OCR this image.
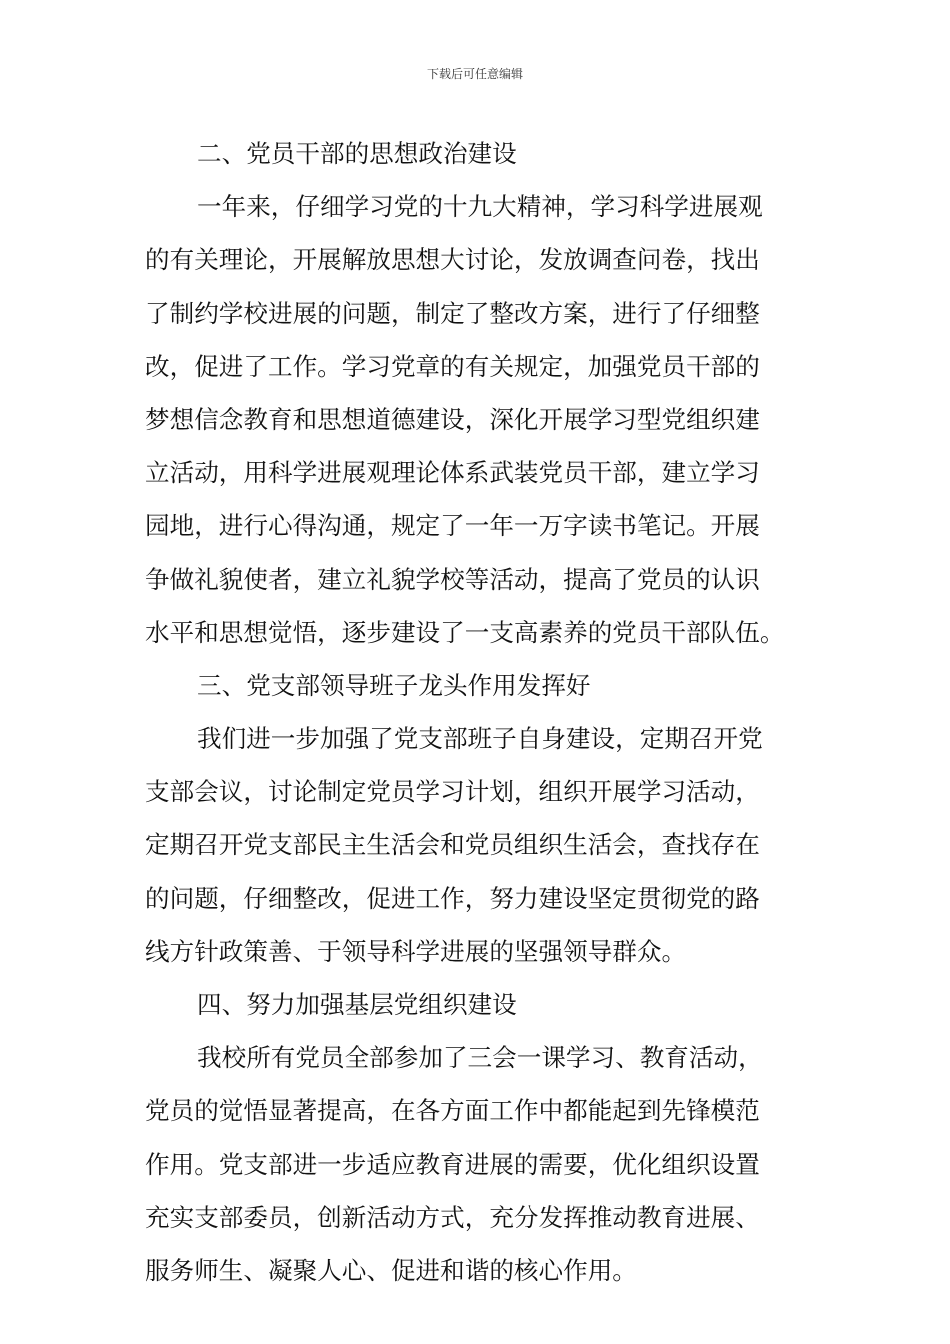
下载后可任意编辑
二、党员干部的思想政治建设
一年来，仔细学习党的十九大精神，学习科学进展观
的有关理论，开展解放思想大讨论，发放调查问卷，找出
了制约学校进展的问题，制定了整改方案，进行了仔细整
改，促进了工作。学习党章的有关规定，加强党员干部的
梦想信念教育和思想道德建设，深化开展学习型党组织建
立活动，用科学进展观理论体系武装党员干部，建立学习
园地，进行心得沟通，规定了一年一万字读书笔记。开展
争做礼貌使者，建立礼貌学校等活动，提高了党员的认识
水平和思想觉悟，逐步建设了一支高素养的党员干部队伍。
三、党支部领导班子龙头作用发挥好
我们进一步加强了党支部班子自身建设，定期召开党
支部会议，讨论制定党员学习计划，组织开展学习活动，
定期召开党支部民主生活会和党员组织生活会，查找存在
的问题，仔细整改，促进工作，努力建设坚定贯彻党的路
线方针政策善、于领导科学进展的坚强领导群众。
四、努力加强基层党组织建设
我校所有党员全部参加了三会一课学习、教育活动，
党员的觉悟显著提高，在各方面工作中都能起到先锋模范
作用。党支部进一步适应教育进展的需要，优化组织设置
充实支部委员，创新活动方式，充分发挥推动教育进展、
服务师生、凝聚人心、促进和谐的核心作用。
